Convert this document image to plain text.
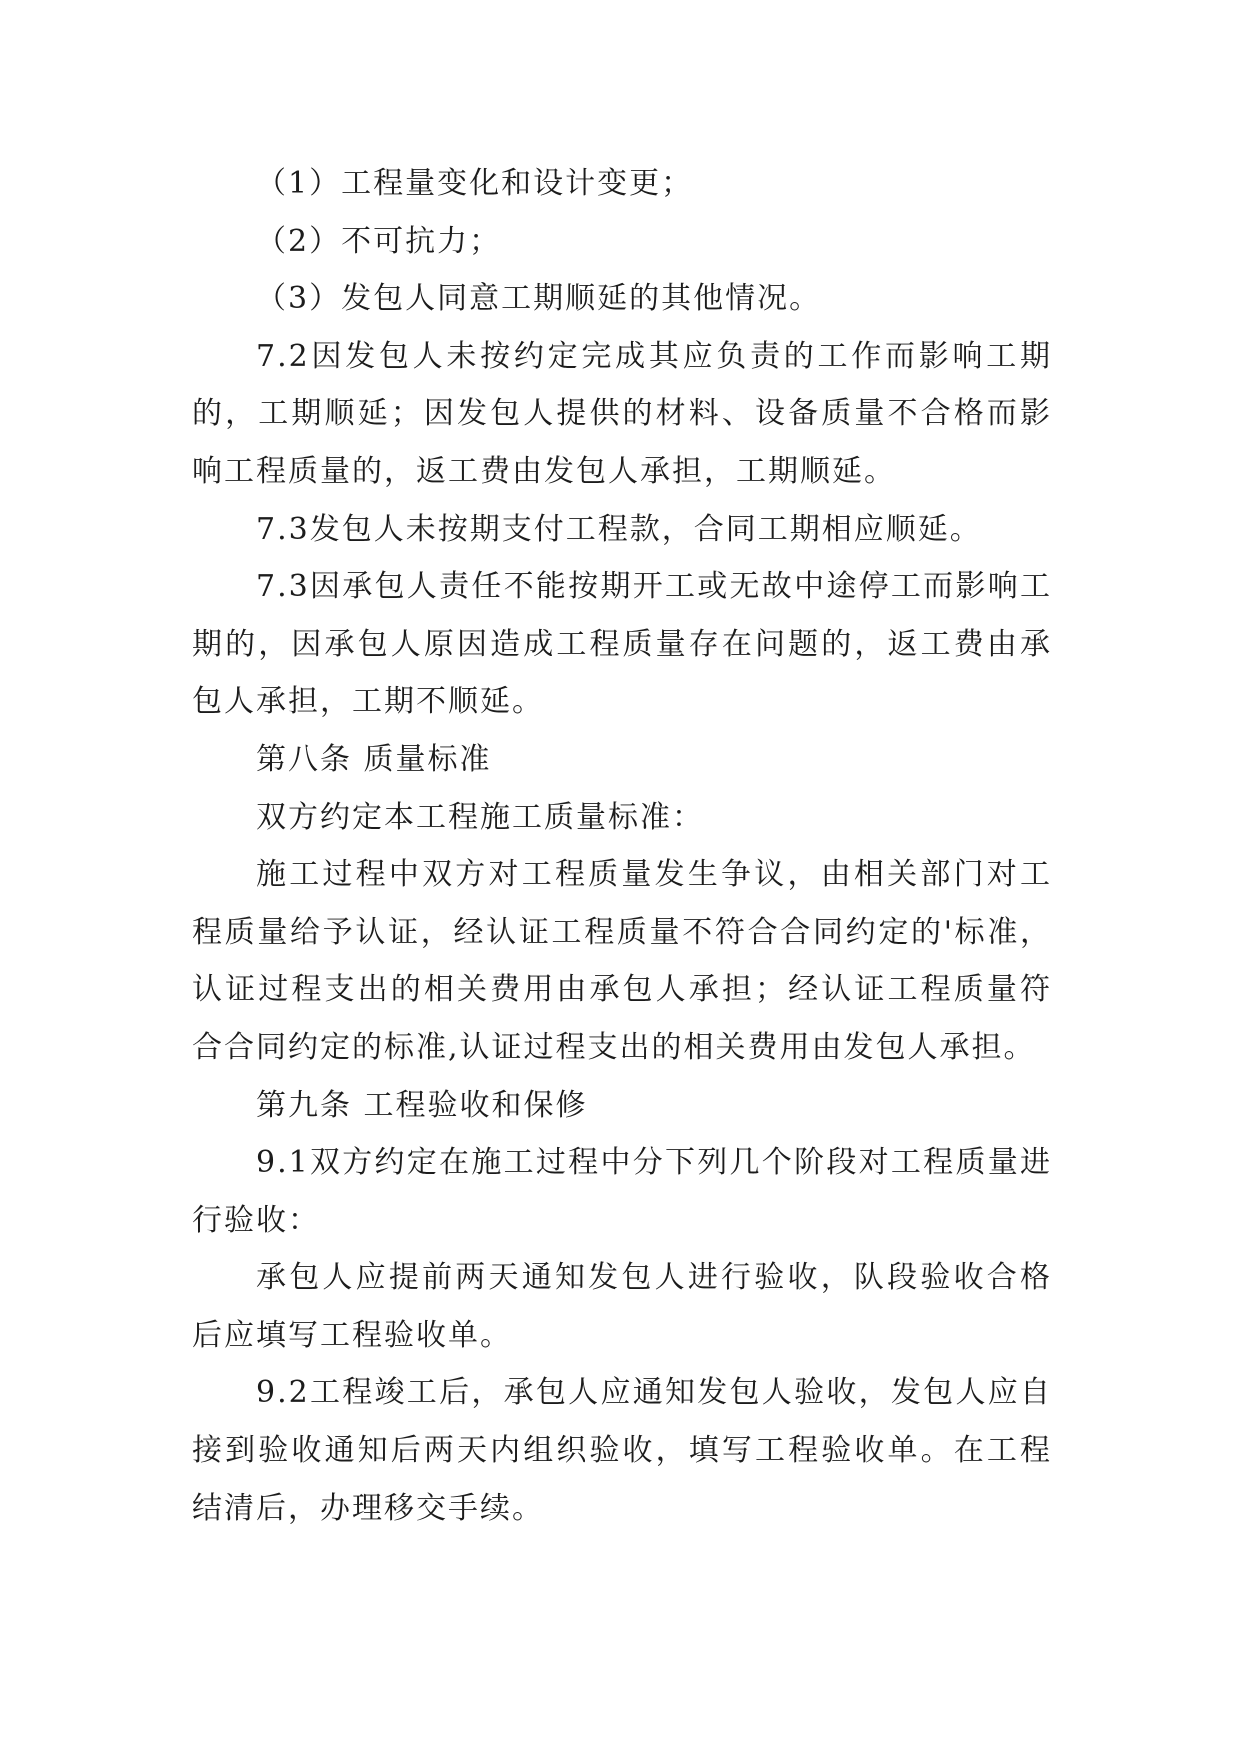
（1）工程量变化和设计变更；

（2）不可抗力；

（3）发包人同意工期顺延的其他情况。

7.2因发包人未按约定完成其应负责的工作而影响工期的，工期顺延；因发包人提供的材料、设备质量不合格而影响工程质量的，返工费由发包人承担，工期顺延。

7.3发包人未按期支付工程款，合同工期相应顺延。

7.3因承包人责任不能按期开工或无故中途停工而影响工期的，因承包人原因造成工程质量存在问题的，返工费由承包人承担，工期不顺延。

第八条 质量标准

双方约定本工程施工质量标准：

施工过程中双方对工程质量发生争议，由相关部门对工程质量给予认证，经认证工程质量不符合合同约定的'标准，认证过程支出的相关费用由承包人承担；经认证工程质量符合合同约定的标准,认证过程支出的相关费用由发包人承担。

第九条 工程验收和保修

9.1双方约定在施工过程中分下列几个阶段对工程质量进行验收：

承包人应提前两天通知发包人进行验收，队段验收合格后应填写工程验收单。

9.2工程竣工后，承包人应通知发包人验收，发包人应自接到验收通知后两天内组织验收，填写工程验收单。在工程结清后，办理移交手续。
